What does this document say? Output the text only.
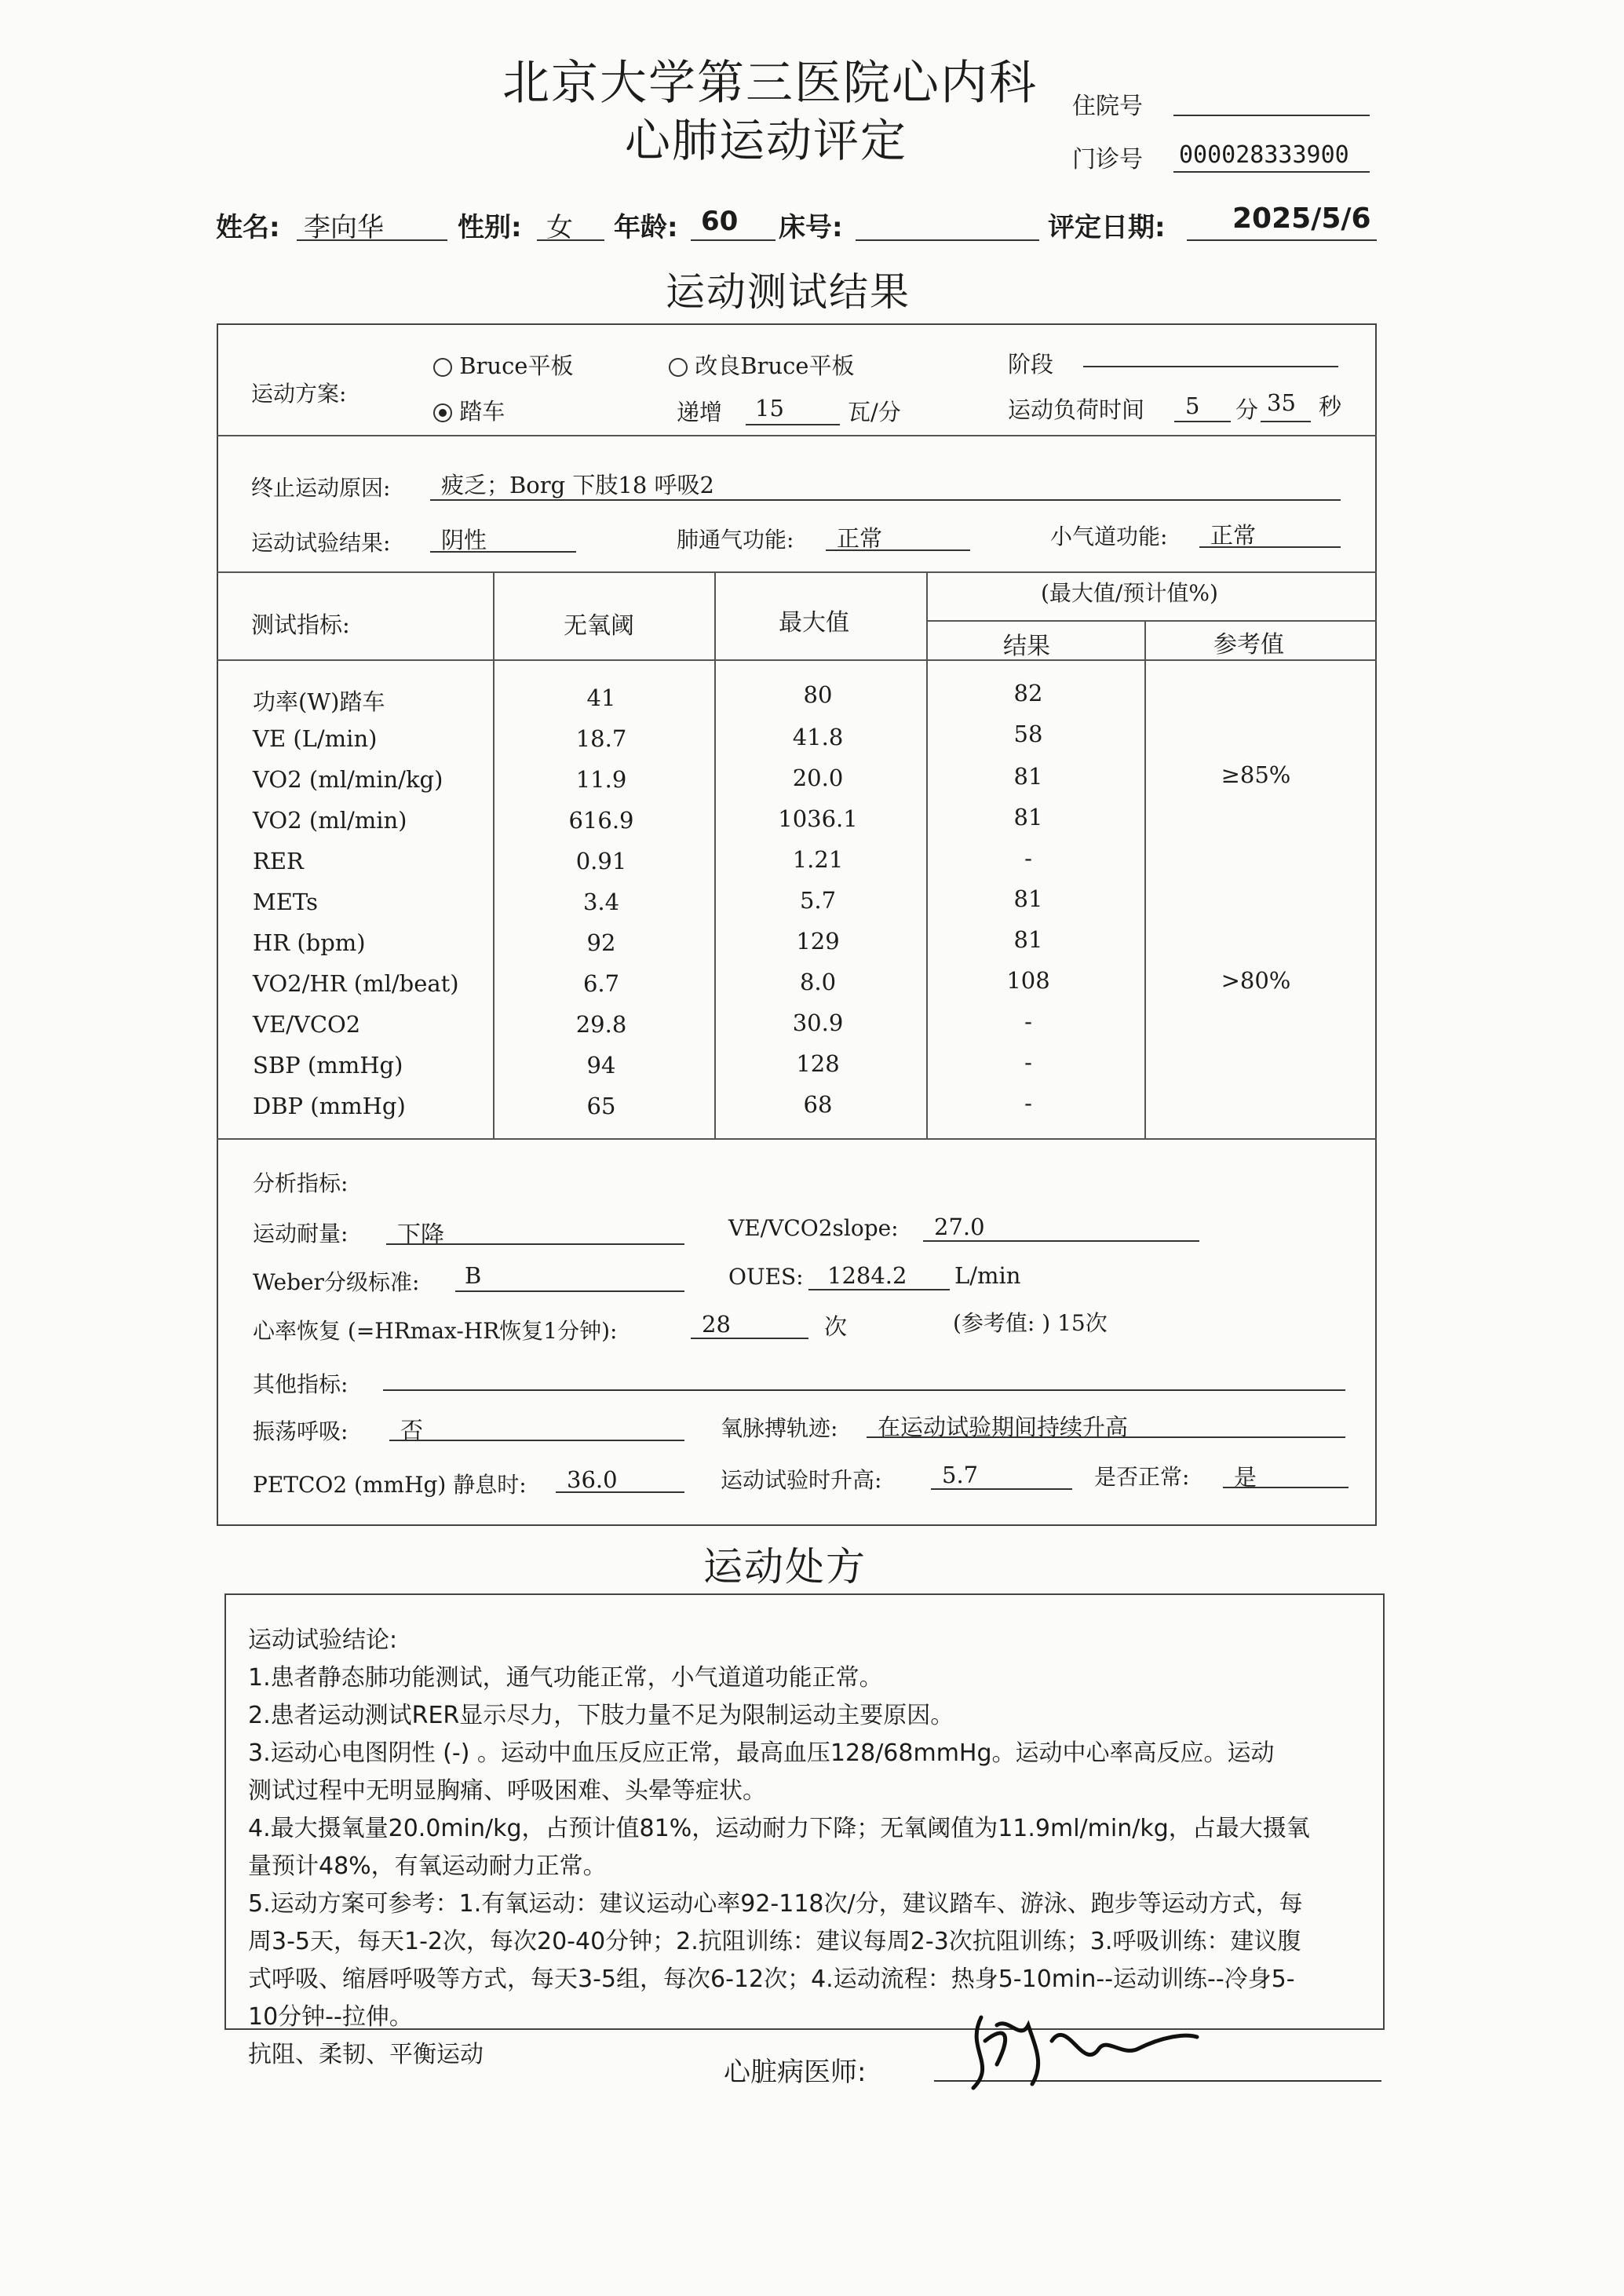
北京大学第三医院心内科
心肺运动评定
住院号
门诊号 000028333900
姓名: 李向华	性别: 女 年龄: 60 床号:	评定日期: 2025/5/6
运动测试结果
运动方案:
Bruce平板	改良Bruce平板
踏车
阶段
递增 15	瓦/分	运动负荷时间 5 分 35 秒
终止运动原因: 疲乏；Borg 下肢18 呼吸2
运动试验结果: 阴性	肺通气功能: 正常	小气道功能: 正常
测试指标:	无氧阈	最大值
(最大值/预计值%)
结果	参考值
功率(W)踏车	41	80	82
VE (L/min)	18.7	41.8	58
VO2 (ml/min/kg)	11.9	20.0	81	≥85%
VO2 (ml/min)	616.9	1036.1	81
RER	0.91	1.21	-
METs	3.4	5.7	81
HR (bpm)	92	129	81
VO2/HR (ml/beat)	6.7	8.0	108	>80%
VE/VCO2	29.8	30.9	-
SBP (mmHg)	94	128	-
DBP (mmHg)	65	68	-
分析指标:
运动耐量: 下降	VE/VCO2slope: 27.0
Weber分级标准: B	OUES: 1284.2 L/min
心率恢复 (=HRmax-HR恢复1分钟):	28	次	(参考值: ) 15次
其他指标:
振荡呼吸: 否	氧脉搏轨迹: 在运动试验期间持续升高
PETCO2 (mmHg) 静息时: 36.0	运动试验时升高:	5.7	是否正常: 是
运动处方
运动试验结论:
1.患者静态肺功能测试，通气功能正常，小气道道功能正常。
2.患者运动测试RER显示尽力，下肢力量不足为限制运动主要原因。
3.运动心电图阴性 (-) 。运动中血压反应正常，最高血压128/68mmHg。运动中心率高反应。运动
测试过程中无明显胸痛、呼吸困难、头晕等症状。
4.最大摄氧量20.0min/kg，占预计值81%，运动耐力下降；无氧阈值为11.9ml/min/kg，占最大摄氧
量预计48%，有氧运动耐力正常。
5.运动方案可参考：1.有氧运动：建议运动心率92-118次/分，建议踏车、游泳、跑步等运动方式，每
周3-5天，每天1-2次，每次20-40分钟；2.抗阻训练：建议每周2-3次抗阻训练；3.呼吸训练：建议腹
式呼吸、缩唇呼吸等方式，每天3-5组，每次6-12次；4.运动流程：热身5-10min--运动训练--冷身5-
10分钟--拉伸。
抗阻、柔韧、平衡运动
心脏病医师:
